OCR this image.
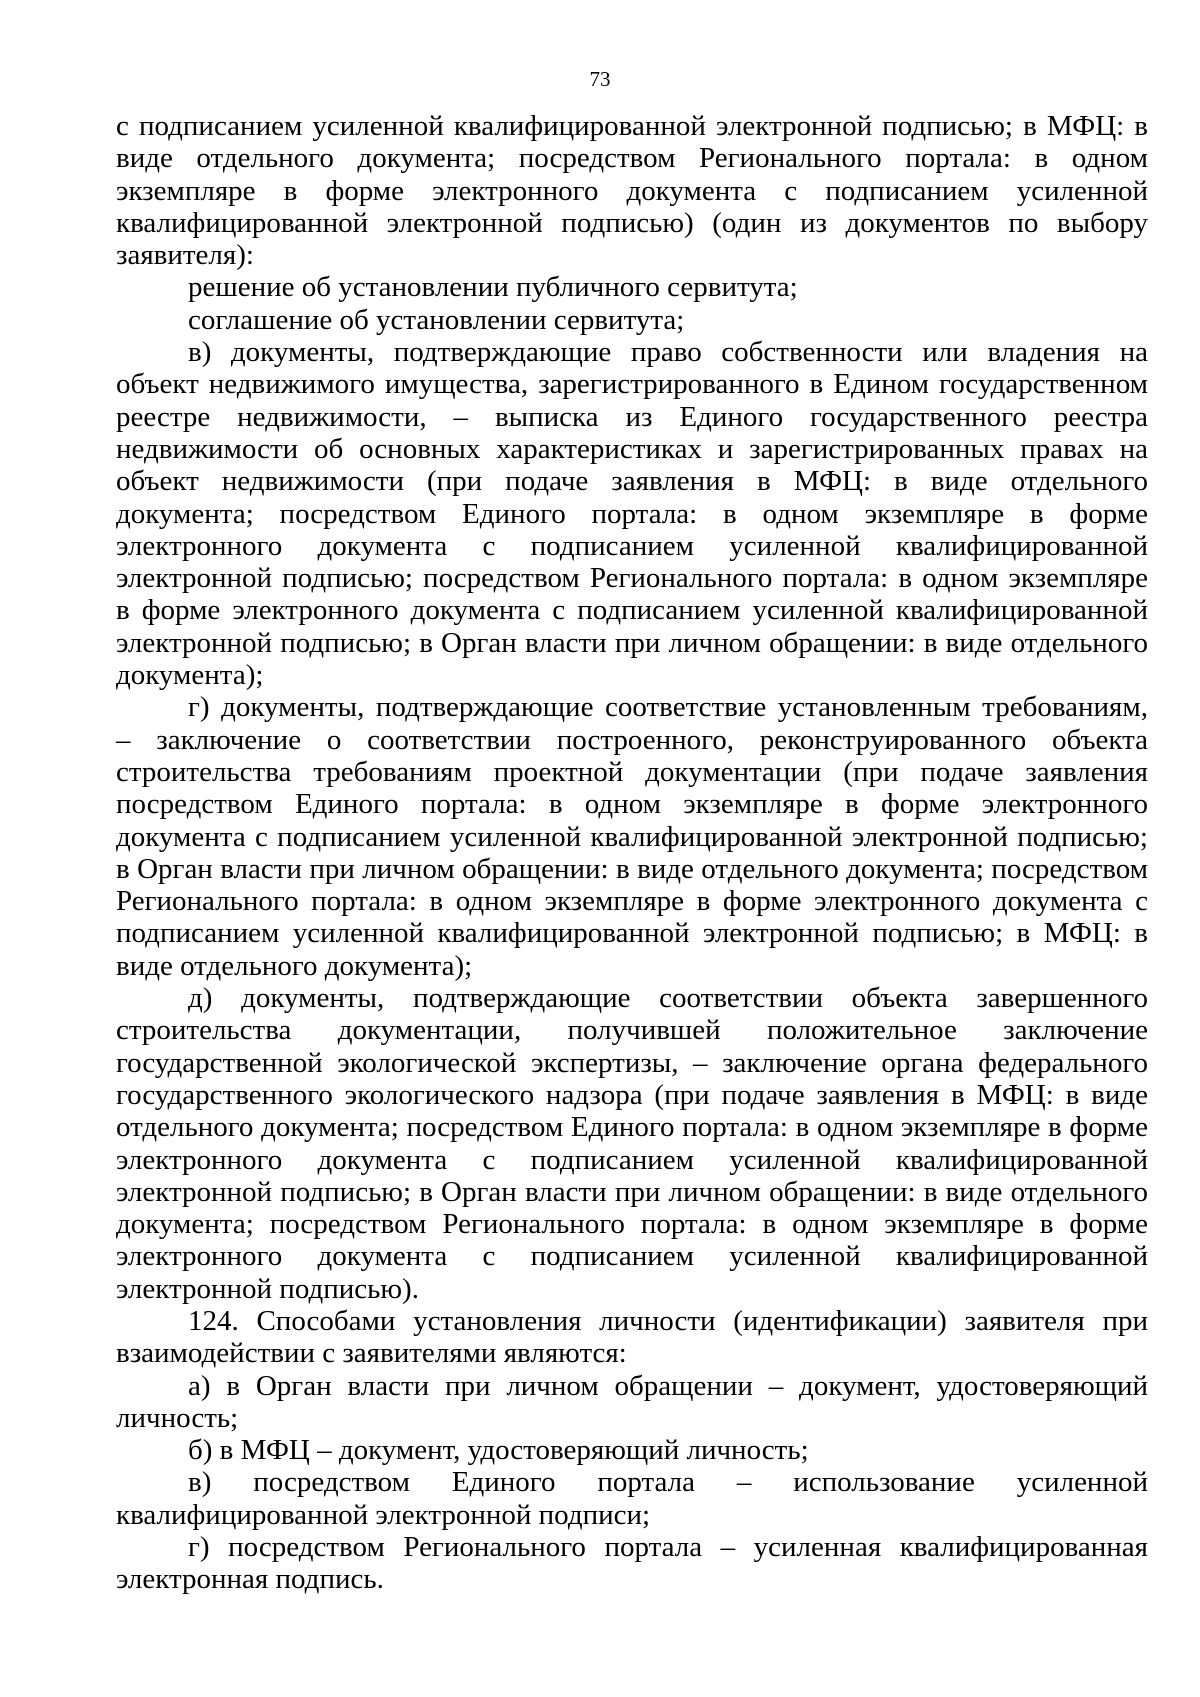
73

с подписанием усиленной квалифицированной электронной подписью; в МФЦ: в виде отдельного документа; посредством Регионального портала: в одном экземпляре в форме электронного документа с подписанием усиленной квалифицированной электронной подписью) (один из документов по выбору заявителя):

решение об установлении публичного сервитута;

соглашение об установлении сервитута;

в) документы, подтверждающие право собственности или владения на объект недвижимого имущества, зарегистрированного в Едином государственном реестре недвижимости, – выписка из Единого государственного реестра недвижимости об основных характеристиках и зарегистрированных правах на объект недвижимости (при подаче заявления в МФЦ: в виде отдельного документа; посредством Единого портала: в одном экземпляре в форме электронного документа с подписанием усиленной квалифицированной электронной подписью; посредством Регионального портала: в одном экземпляре в форме электронного документа с подписанием усиленной квалифицированной электронной подписью; в Орган власти при личном обращении: в виде отдельного документа);

г) документы, подтверждающие соответствие установленным требованиям, – заключение о соответствии построенного, реконструированного объекта строительства требованиям проектной документации (при подаче заявления посредством Единого портала: в одном экземпляре в форме электронного документа с подписанием усиленной квалифицированной электронной подписью; в Орган власти при личном обращении: в виде отдельного документа; посредством Регионального портала: в одном экземпляре в форме электронного документа с подписанием усиленной квалифицированной электронной подписью; в МФЦ: в виде отдельного документа);

д) документы, подтверждающие соответствии объекта завершенного строительства документации, получившей положительное заключение государственной экологической экспертизы, – заключение органа федерального государственного экологического надзора (при подаче заявления в МФЦ: в виде отдельного документа; посредством Единого портала: в одном экземпляре в форме электронного документа с подписанием усиленной квалифицированной электронной подписью; в Орган власти при личном обращении: в виде отдельного документа; посредством Регионального портала: в одном экземпляре в форме электронного документа с подписанием усиленной квалифицированной электронной подписью).

124. Способами установления личности (идентификации) заявителя при взаимодействии с заявителями являются:

а) в Орган власти при личном обращении – документ, удостоверяющий личность;

б) в МФЦ – документ, удостоверяющий личность;

в) посредством Единого портала – использование усиленной квалифицированной электронной подписи;

г) посредством Регионального портала – усиленная квалифицированная электронная подпись.
